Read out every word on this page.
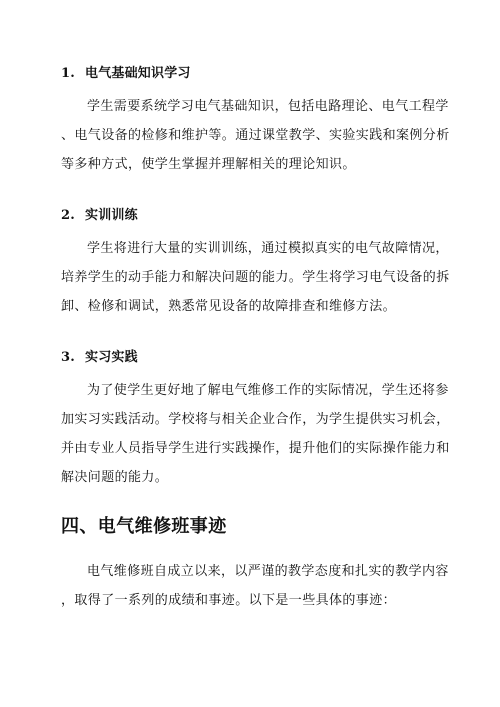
1. 电气基础知识学习
学生需要系统学习电气基础知识，包括电路理论、电气工程学
、电气设备的检修和维护等。通过课堂教学、实验实践和案例分析
等多种方式，使学生掌握并理解相关的理论知识。
2. 实训训练
学生将进行大量的实训训练，通过模拟真实的电气故障情况，
培养学生的动手能力和解决问题的能力。学生将学习电气设备的拆
卸、检修和调试，熟悉常见设备的故障排查和维修方法。
3. 实习实践
为了使学生更好地了解电气维修工作的实际情况，学生还将参
加实习实践活动。学校将与相关企业合作，为学生提供实习机会，
并由专业人员指导学生进行实践操作，提升他们的实际操作能力和
解决问题的能力。
四、电气维修班事迹
电气维修班自成立以来，以严谨的教学态度和扎实的教学内容
，取得了一系列的成绩和事迹。以下是一些具体的事迹：
